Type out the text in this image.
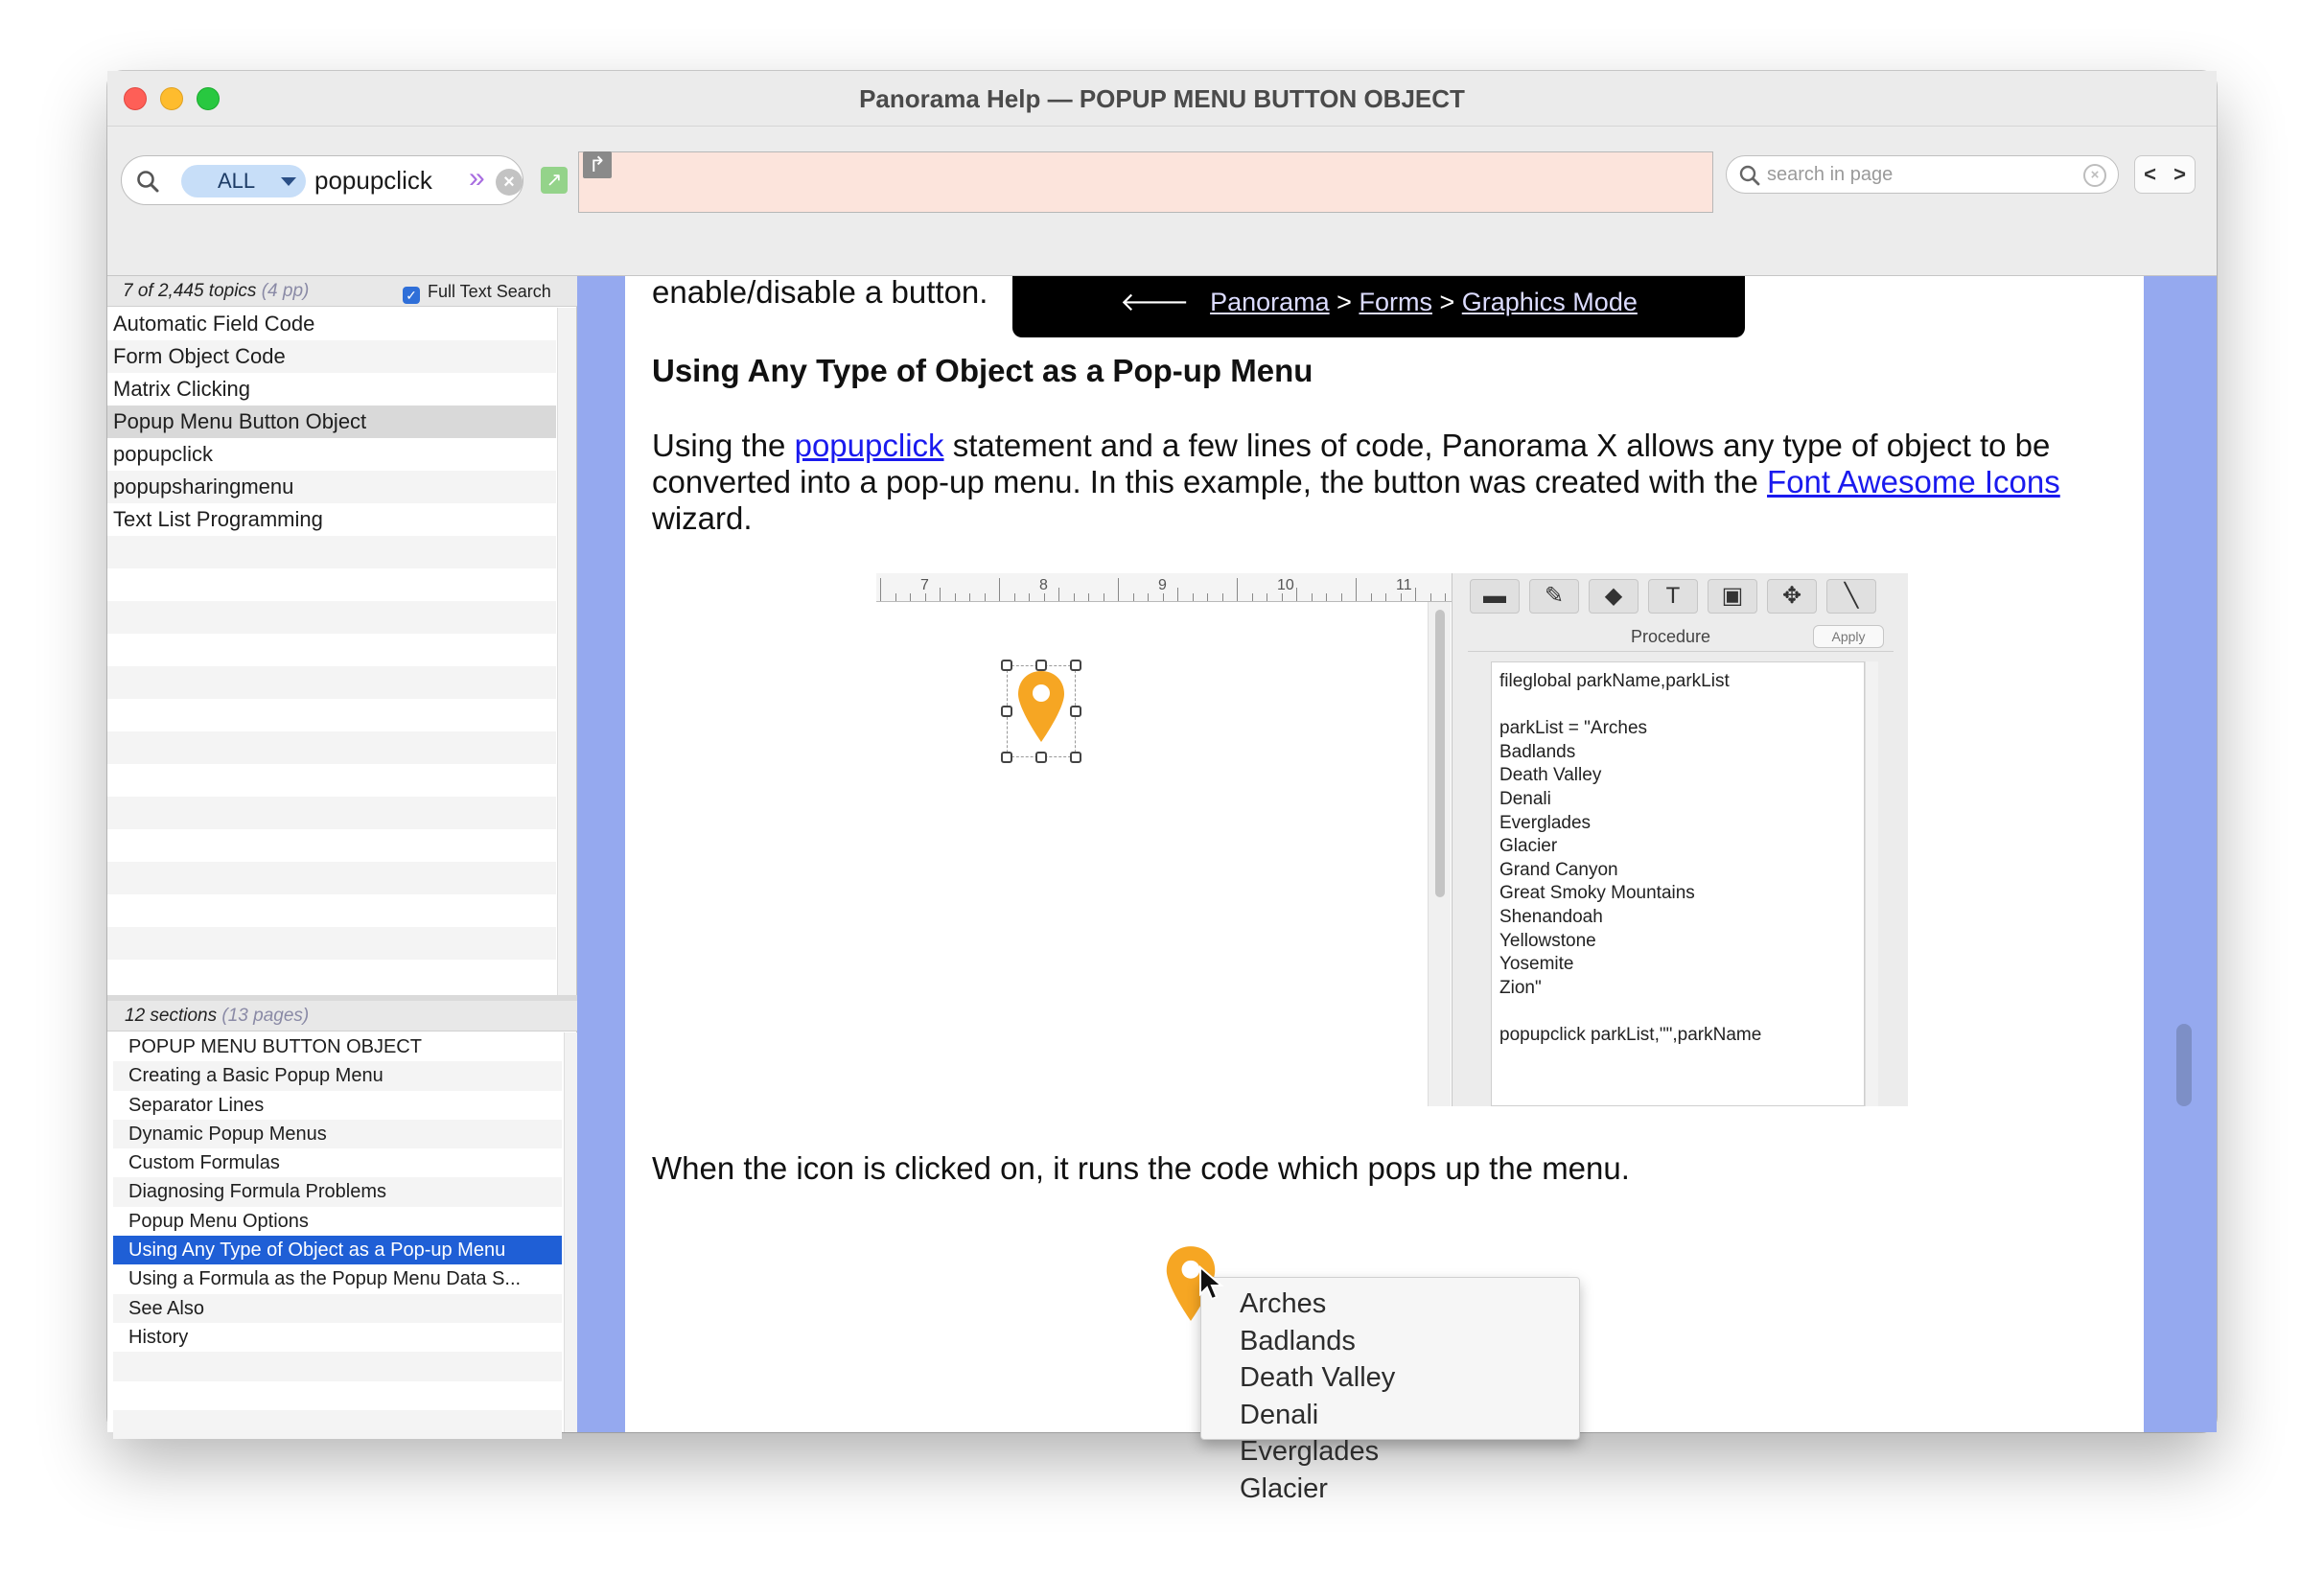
Panorama Help — POPUP MENU BUTTON OBJECT
ALL	popupclick » ×	↗
↱
search in page	×	< >
7 of 2,445 topics (4 pp)	✓ Full Text Search
Automatic Field Code
Form Object Code
Matrix Clicking
Popup Menu Button Object
popupclick
popupsharingmenu
Text List Programming
12 sections (13 pages)
POPUP MENU BUTTON OBJECT
Creating a Basic Popup Menu
Separator Lines
Dynamic Popup Menus
Custom Formulas
Diagnosing Formula Problems
Popup Menu Options
Using Any Type of Object as a Pop-up Menu
Using a Formula as the Popup Menu Data S...
See Also
History
enable/disable a button.	🡐 Panorama > Forms > Graphics Mode
Using Any Type of Object as a Pop-up Menu
Using the popupclick statement and a few lines of code, Panorama X allows any type of object to be converted into a pop-up menu. In this example, the button was created with the Font Awesome Icons wizard.
7	8	9	10	11	▬	✎	◆	T	▣	✥	╲
Procedure	Apply
fileglobal parkName,parkList
parkList = "Arches
Badlands
Death Valley
Denali
Everglades
Glacier
Grand Canyon
Great Smoky Mountains
Shenandoah
Yellowstone
Yosemite
Zion"
popupclick parkList,"",parkName
When the icon is clicked on, it runs the code which pops up the menu.
Arches
Badlands
Death Valley
Denali
Everglades
Glacier
